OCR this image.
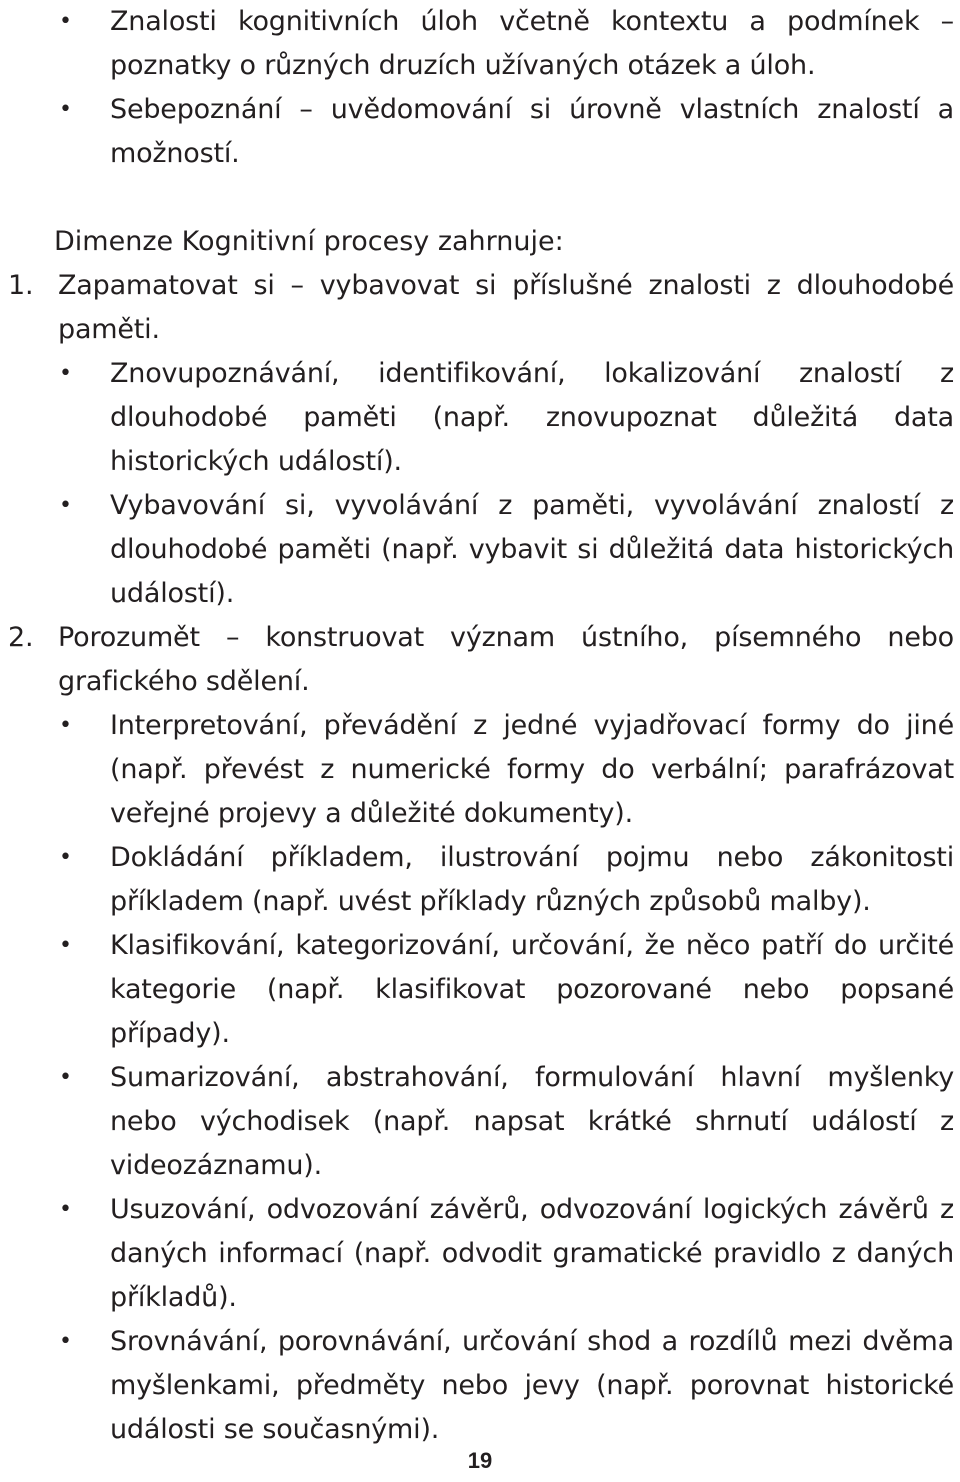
• Znalosti kognitivních úloh včetně kontextu a podmínek – poznatky o různých druzích užívaných otázek a úloh.
• Sebepoznání – uvědomování si úrovně vlastních znalostí a možností.
Dimenze Kognitivní procesy zahrnuje:
1. Zapamatovat si – vybavovat si příslušné znalosti z dlouhodobé paměti.
• Znovupoznávání, identifikování, lokalizování znalostí z dlouhodobé paměti (např. znovupoznat důležitá data historických událostí).
• Vybavování si, vyvolávání z paměti, vyvolávání znalostí z dlouhodobé paměti (např. vybavit si důležitá data historických událostí).
2. Porozumět – konstruovat význam ústního, písemného nebo grafického sdělení.
• Interpretování, převádění z jedné vyjadřovací formy do jiné (např. převést z numerické formy do verbální; parafrázovat veřejné projevy a důležité dokumenty).
• Dokládání příkladem, ilustrování pojmu nebo zákonitosti příkladem (např. uvést příklady různých způsobů malby).
• Klasifikování, kategorizování, určování, že něco patří do určité kategorie (např. klasifikovat pozorované nebo popsané případy).
• Sumarizování, abstrahování, formulování hlavní myšlenky nebo východisek (např. napsat krátké shrnutí událostí z videozáznamu).
• Usuzování, odvozování závěrů, odvozování logických závěrů z daných informací (např. odvodit gramatické pravidlo z daných příkladů).
• Srovnávání, porovnávání, určování shod a rozdílů mezi dvěma myšlenkami, předměty nebo jevy (např. porovnat historické události se současnými).
19
